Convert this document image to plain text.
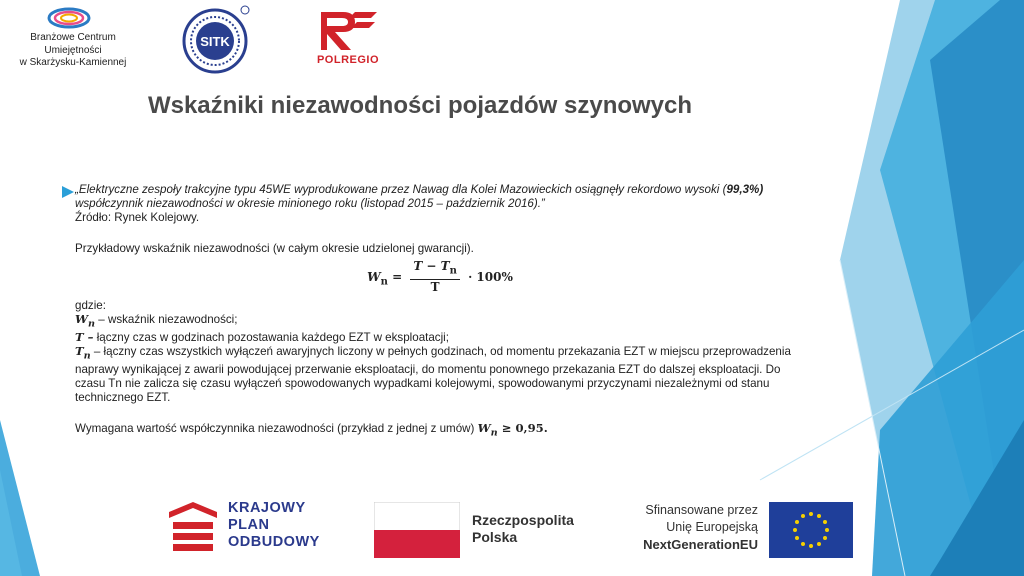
Branżowe Centrum
Umiejętności
w Skarżysku-Kamiennej
SITK
POLREGIO
Wskaźniki niezawodności pojazdów szynowych

„Elektryczne zespoły trakcyjne typu 45WE wyprodukowane przez Nawag dla Kolei Mazowieckich osiągnęły rekordowo wysoki (99,3%) współczynnik niezawodności w okresie minionego roku (listopad 2015 – październik 2016).”

Źródło: Rynek Kolejowy.

Przykładowy wskaźnik niezawodności (w całym okresie udzielonej gwarancji).

$W_n = \frac{T - T_n}{T} \cdot 100\%$

gdzie:

$W_n$ – wskaźnik niezawodności;

T – łączny czas w godzinach pozostawania każdego EZT w eksploatacji;

$T_n$ – łączny czas wszystkich wyłączeń awaryjnych liczony w pełnych godzinach, od momentu przekazania EZT w miejscu przeprowadzenia naprawy wynikającej z awarii powodującej przerwanie eksploatacji, do momentu ponownego przekazania EZT do dalszej eksploatacji. Do czasu Tn nie zalicza się czasu wyłączeń spowodowanych wypadkami kolejowymi, spowodowanymi przyczynami niezależnymi od stanu technicznego EZT.

Wymagana wartość współczynnika niezawodności (przykład z jednej z umów) $W_n \ge 0,95$.

KRAJOWY
PLAN
ODBUDOWY
Rzeczpospolita
Polska
Sfinansowane przez
Unię Europejską
NextGenerationEU
